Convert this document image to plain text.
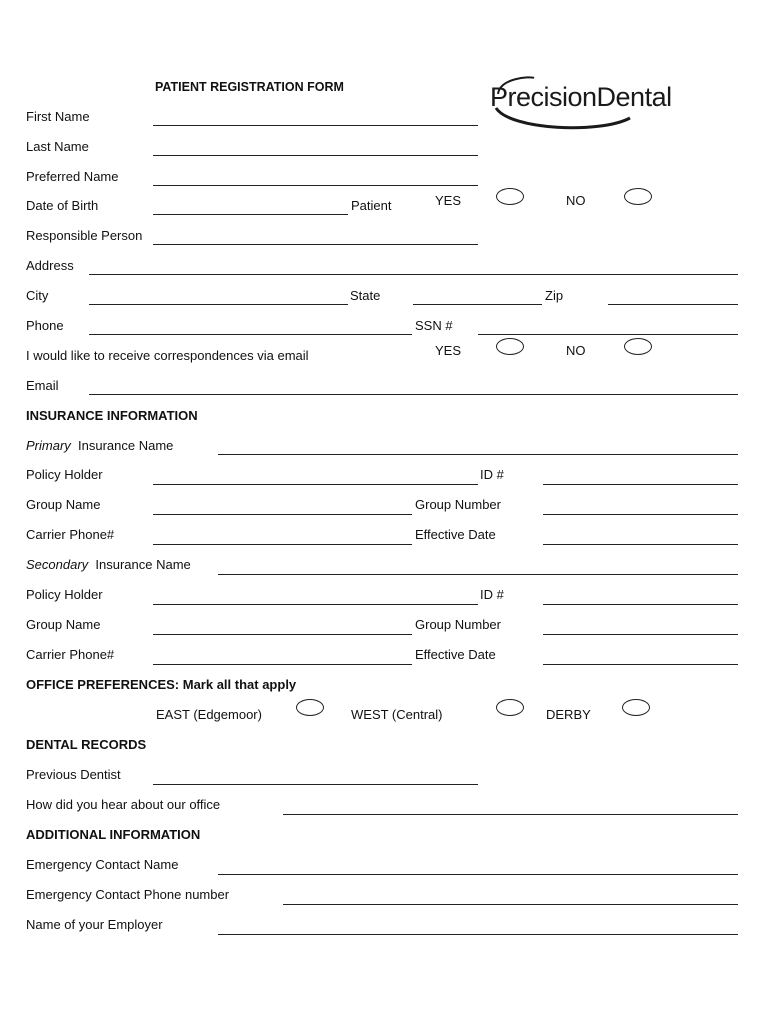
PATIENT REGISTRATION FORM	PrecisionDental
First Name
Last Name
Preferred Name
Date of Birth	Patient	YES	NO
Responsible Person
Address
City	State	Zip
Phone	SSN #
I would like to receive correspondences via email	YES	NO
Email
INSURANCE INFORMATION
Primary Insurance Name
Policy Holder	ID #
Group Name	Group Number
Carrier Phone#	Effective Date
Secondary Insurance Name
Policy Holder	ID #
Group Name	Group Number
Carrier Phone#	Effective Date
OFFICE PREFERENCES: Mark all that apply
EAST (Edgemoor)	WEST (Central)	DERBY
DENTAL RECORDS
Previous Dentist
How did you hear about our office
ADDITIONAL INFORMATION
Emergency Contact Name
Emergency Contact Phone number
Name of your Employer
